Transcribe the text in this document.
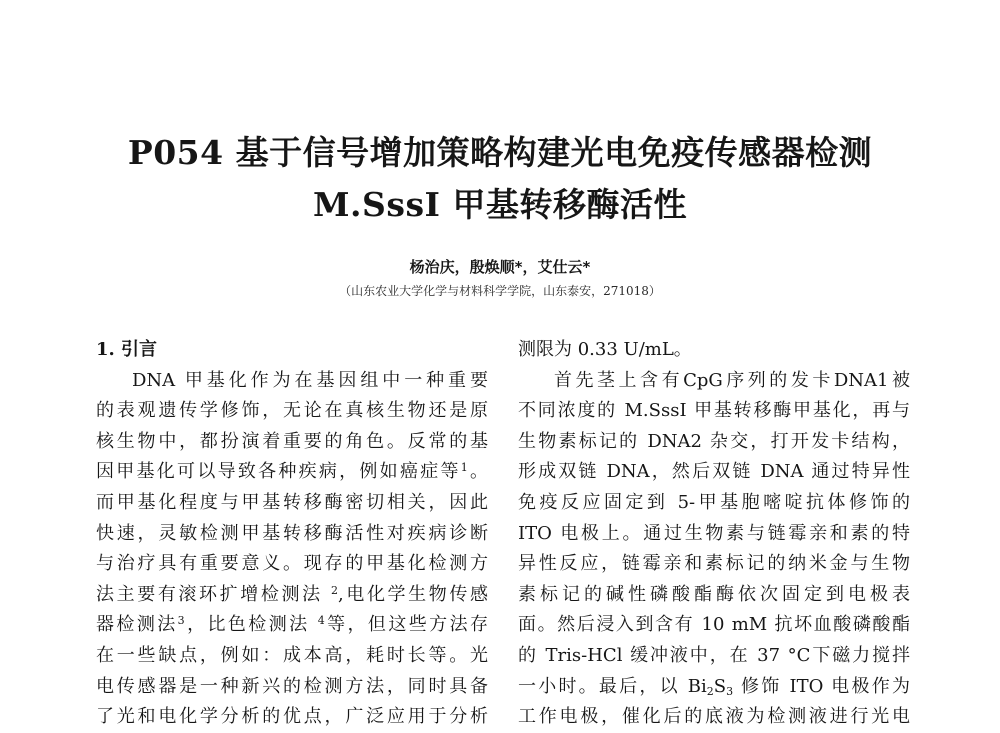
P054 基于信号增加策略构建光电免疫传感器检测
M.SssI 甲基转移酶活性
杨治庆，殷焕顺*，艾仕云*
（山东农业大学化学与材料科学学院，山东泰安，271018）
1. 引言
DNA 甲基化作为在基因组中一种重要
的表观遗传学修饰，无论在真核生物还是原
核生物中，都扮演着重要的角色。反常的基
因甲基化可以导致各种疾病，例如癌症等$^1$。
而甲基化程度与甲基转移酶密切相关，因此
快速，灵敏检测甲基转移酶活性对疾病诊断
与治疗具有重要意义。现存的甲基化检测方
法主要有滚环扩增检测法 $^2$,电化学生物传感
器检测法$^3$，比色检测法 $^4$等，但这些方法存
在一些缺点，例如：成本高，耗时长等。光
电传感器是一种新兴的检测方法，同时具备
了光和电化学分析的优点，广泛应用于分析
测限为 0.33 U/mL。
首先茎上含有CpG序列的发卡DNA1被
不同浓度的 M.SssI 甲基转移酶甲基化，再与
生物素标记的 DNA2 杂交，打开发卡结构，
形成双链 DNA，然后双链 DNA 通过特异性
免疫反应固定到 5-甲基胞嘧啶抗体修饰的
ITO 电极上。通过生物素与链霉亲和素的特
异性反应，链霉亲和素标记的纳米金与生物
素标记的碱性磷酸酯酶依次固定到电极表
面。然后浸入到含有 10 mM 抗坏血酸磷酸酯
的 Tris-HCl 缓冲液中，在 37 °C下磁力搅拌
一小时。最后，以 $Bi_2S_3$ 修饰 ITO 电极作为
工作电极，催化后的底液为检测液进行光电
